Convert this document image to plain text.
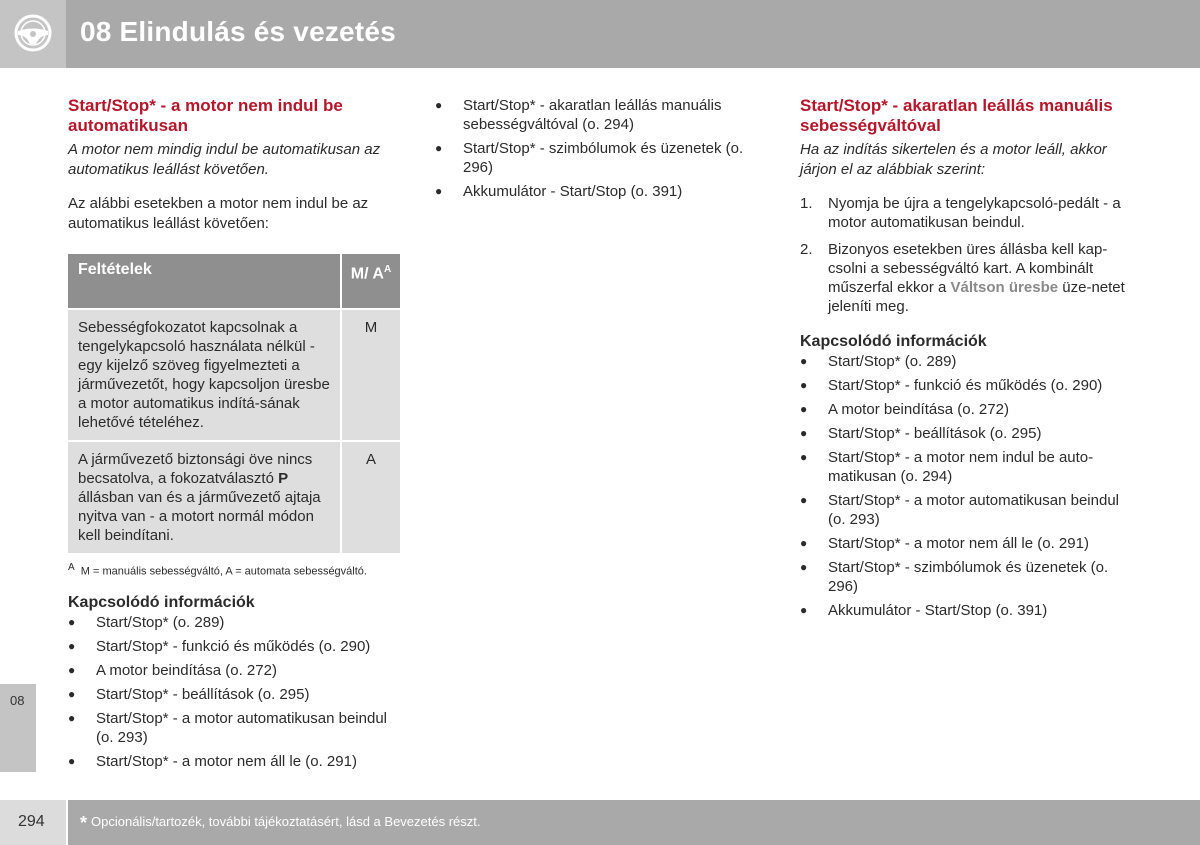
08 Elindulás és vezetés
08
Start/Stop* - a motor nem indul be automatikusan

A motor nem mindig indul be automatikusan az automatikus leállást követően.

Az alábbi esetekben a motor nem indul be az automatikus leállást követően:

Feltételek	M/ $A^A$
Sebességfokozatot kapcsolnak a tengelykapcsoló használata nélkül - egy kijelző szöveg figyelmezteti a járművezetőt, hogy kapcsoljon üresbe a motor automatikus indítá-sának lehetővé tételéhez.	M
A járművezető biztonsági öve nincs becsatolva, a fokozatválasztó P állásban van és a járművezető ajtaja nyitva van - a motort normál módon kell beindítani.	A
$^A$ M = manuális sebességváltó, A = automata sebességváltó.
Kapcsolódó információk
● Start/Stop* (o. 289)
● Start/Stop* - funkció és működés (o. 290)
● A motor beindítása (o. 272)
● Start/Stop* - beállítások (o. 295)
● Start/Stop* - a motor automatikusan beindul (o. 293)
● Start/Stop* - a motor nem áll le (o. 291)
● Start/Stop* - akaratlan leállás manuális sebességváltóval (o. 294)
● Start/Stop* - szimbólumok és üzenetek (o. 296)
● Akkumulátor - Start/Stop (o. 391)
Start/Stop* - akaratlan leállás manuális sebességváltóval

Ha az indítás sikertelen és a motor leáll, akkor járjon el az alábbiak szerint:

1. Nyomja be újra a tengelykapcsoló-pedált - a motor automatikusan beindul.
2. Bizonyos esetekben üres állásba kell kap-csolni a sebességváltó kart. A kombinált műszerfal ekkor a Váltson üresbe üze-netet jeleníti meg.
Kapcsolódó információk
● Start/Stop* (o. 289)
● Start/Stop* - funkció és működés (o. 290)
● A motor beindítása (o. 272)
● Start/Stop* - beállítások (o. 295)
● Start/Stop* - a motor nem indul be auto-matikusan (o. 294)
● Start/Stop* - a motor automatikusan beindul (o. 293)
● Start/Stop* - a motor nem áll le (o. 291)
● Start/Stop* - szimbólumok és üzenetek (o. 296)
● Akkumulátor - Start/Stop (o. 391)
294 * Opcionális/tartozék, további tájékoztatásért, lásd a Bevezetés részt.
